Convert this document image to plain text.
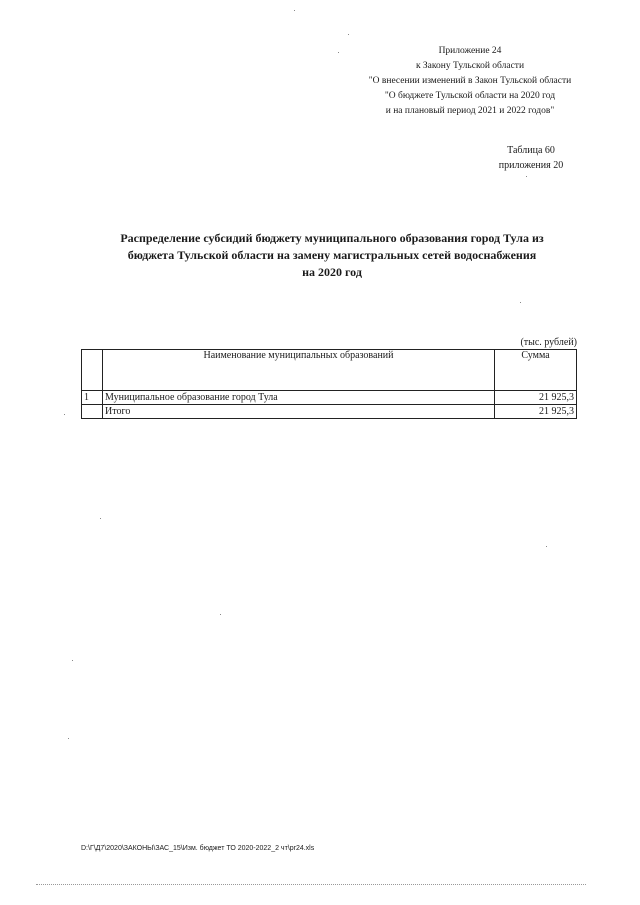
Приложение 24
к Закону Тульской области
"О внесении изменений в Закон Тульской области
"О бюджете Тульской области на 2020 год
и на плановый период 2021 и 2022 годов"
Таблица 60
приложения 20
Распределение субсидий бюджету муниципального образования город Тула из
бюджета Тульской области на замену магистральных сетей водоснабжения
на 2020 год
(тыс. рублей)
	Наименование муниципальных образований	Сумма
1	Муниципальное образование город Тула	21 925,3
	Итого	21 925,3
D:\Г\Д7\2020\ЗАКОНЫ\ЗАС_15\Изм. бюджет ТО 2020-2022_2 чт\pr24.xls
